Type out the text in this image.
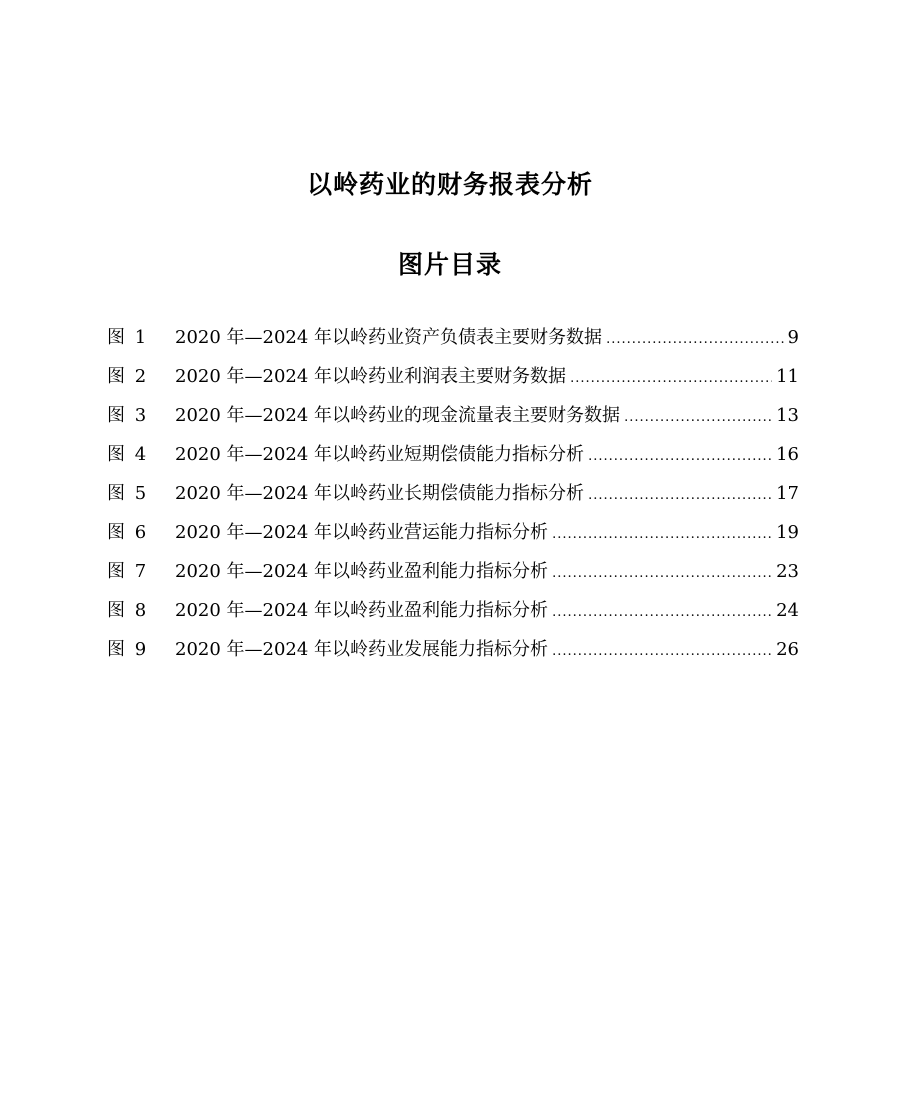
以岭药业的财务报表分析
图片目录
图 1	2020 年—2024 年以岭药业资产负债表主要财务数据 .....	9
图 2	2020 年—2024 年以岭药业利润表主要财务数据 .....	11
图 3	2020 年—2024 年以岭药业的现金流量表主要财务数据 .....	13
图 4	2020 年—2024 年以岭药业短期偿债能力指标分析 .....	16
图 5	2020 年—2024 年以岭药业长期偿债能力指标分析 .....	17
图 6	2020 年—2024 年以岭药业营运能力指标分析 .....	19
图 7	2020 年—2024 年以岭药业盈利能力指标分析 .....	23
图 8	2020 年—2024 年以岭药业盈利能力指标分析 .....	24
图 9	2020 年—2024 年以岭药业发展能力指标分析 .....	26
